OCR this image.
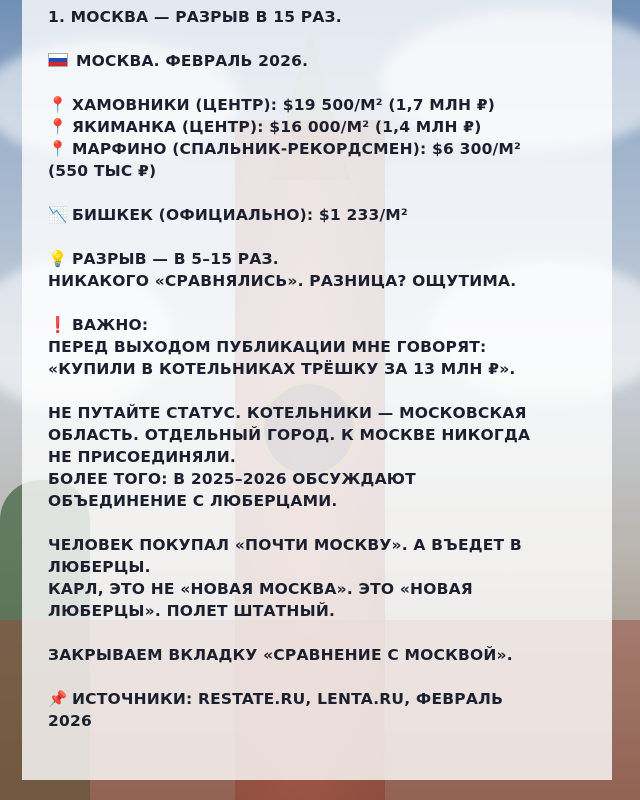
1. МОСКВА — РАЗРЫВ В 15 РАЗ.
МОСКВА. ФЕВРАЛЬ 2026.
📍 ХАМОВНИКИ (ЦЕНТР): $19 500/М² (1,7 МЛН ₽)
📍 ЯКИМАНКА (ЦЕНТР): $16 000/М² (1,4 МЛН ₽)
📍 МАРФИНО (СПАЛЬНИК-РЕКОРДСМЕН): $6 300/М²
(550 ТЫС ₽)
📉 БИШКЕК (ОФИЦИАЛЬНО): $1 233/М²
💡 РАЗРЫВ — В 5–15 РАЗ.
НИКАКОГО «СРАВНЯЛИСЬ». РАЗНИЦА? ОЩУТИМА.
❗ ВАЖНО:
ПЕРЕД ВЫХОДОМ ПУБЛИКАЦИИ МНЕ ГОВОРЯТ:
«КУПИЛИ В КОТЕЛЬНИКАХ ТРЁШКУ ЗА 13 МЛН ₽».
НЕ ПУТАЙТЕ СТАТУС. КОТЕЛЬНИКИ — МОСКОВСКАЯ
ОБЛАСТЬ. ОТДЕЛЬНЫЙ ГОРОД. К МОСКВЕ НИКОГДА
НЕ ПРИСОЕДИНЯЛИ.
БОЛЕЕ ТОГО: В 2025–2026 ОБСУЖДАЮТ
ОБЪЕДИНЕНИЕ С ЛЮБЕРЦАМИ.
ЧЕЛОВЕК ПОКУПАЛ «ПОЧТИ МОСКВУ». А ВЪЕДЕТ В
ЛЮБЕРЦЫ.
КАРЛ, ЭТО НЕ «НОВАЯ МОСКВА». ЭТО «НОВАЯ
ЛЮБЕРЦЫ». ПОЛЕТ ШТАТНЫЙ.
ЗАКРЫВАЕМ ВКЛАДКУ «СРАВНЕНИЕ С МОСКВОЙ».
📌 ИСТОЧНИКИ: RESTATE.RU, LENTA.RU, ФЕВРАЛЬ
2026
